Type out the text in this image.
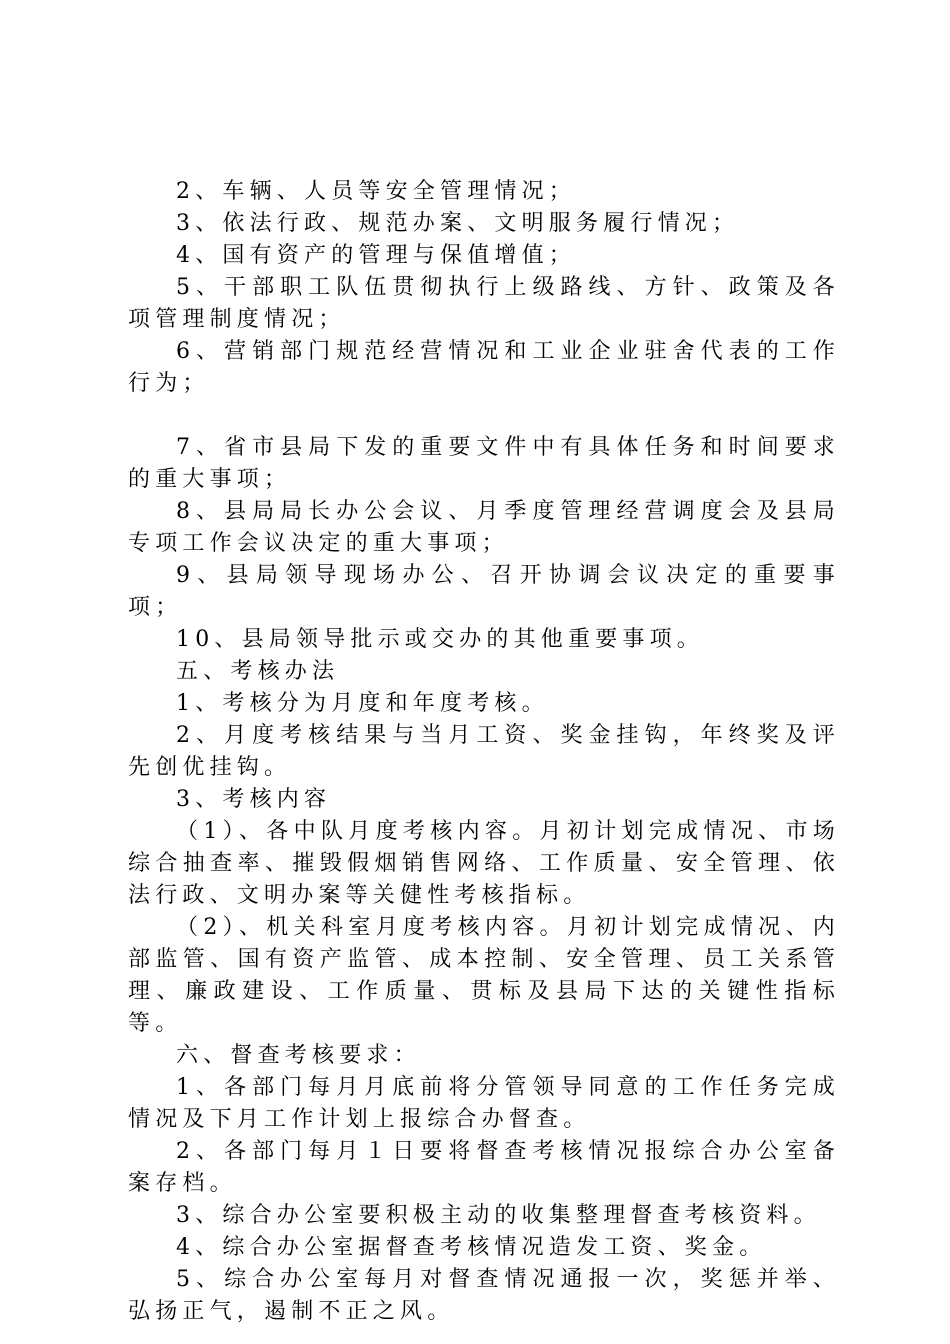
2、车辆、人员等安全管理情况；

3、依法行政、规范办案、文明服务履行情况；

4、国有资产的管理与保值增值；

5、干部职工队伍贯彻执行上级路线、方针、政策及各项管理制度情况；

6、营销部门规范经营情况和工业企业驻舍代表的工作行为；

7、省市县局下发的重要文件中有具体任务和时间要求的重大事项；

8、县局局长办公会议、月季度管理经营调度会及县局专项工作会议决定的重大事项；

9、县局领导现场办公、召开协调会议决定的重要事项；

10、县局领导批示或交办的其他重要事项。

五、考核办法

1、考核分为月度和年度考核。

2、月度考核结果与当月工资、奖金挂钩，年终奖及评先创优挂钩。

3、考核内容

（1）、各中队月度考核内容。月初计划完成情况、市场综合抽查率、摧毁假烟销售网络、工作质量、安全管理、依法行政、文明办案等关健性考核指标。

（2）、机关科室月度考核内容。月初计划完成情况、内部监管、国有资产监管、成本控制、安全管理、员工关系管理、廉政建设、工作质量、贯标及县局下达的关键性指标等。

六、督查考核要求：

1、各部门每月月底前将分管领导同意的工作任务完成情况及下月工作计划上报综合办督查。

2、各部门每月１日要将督查考核情况报综合办公室备案存档。

3、综合办公室要积极主动的收集整理督查考核资料。

4、综合办公室据督查考核情况造发工资、奖金。

5、综合办公室每月对督查情况通报一次，奖惩并举、弘扬正气，遏制不正之风。
